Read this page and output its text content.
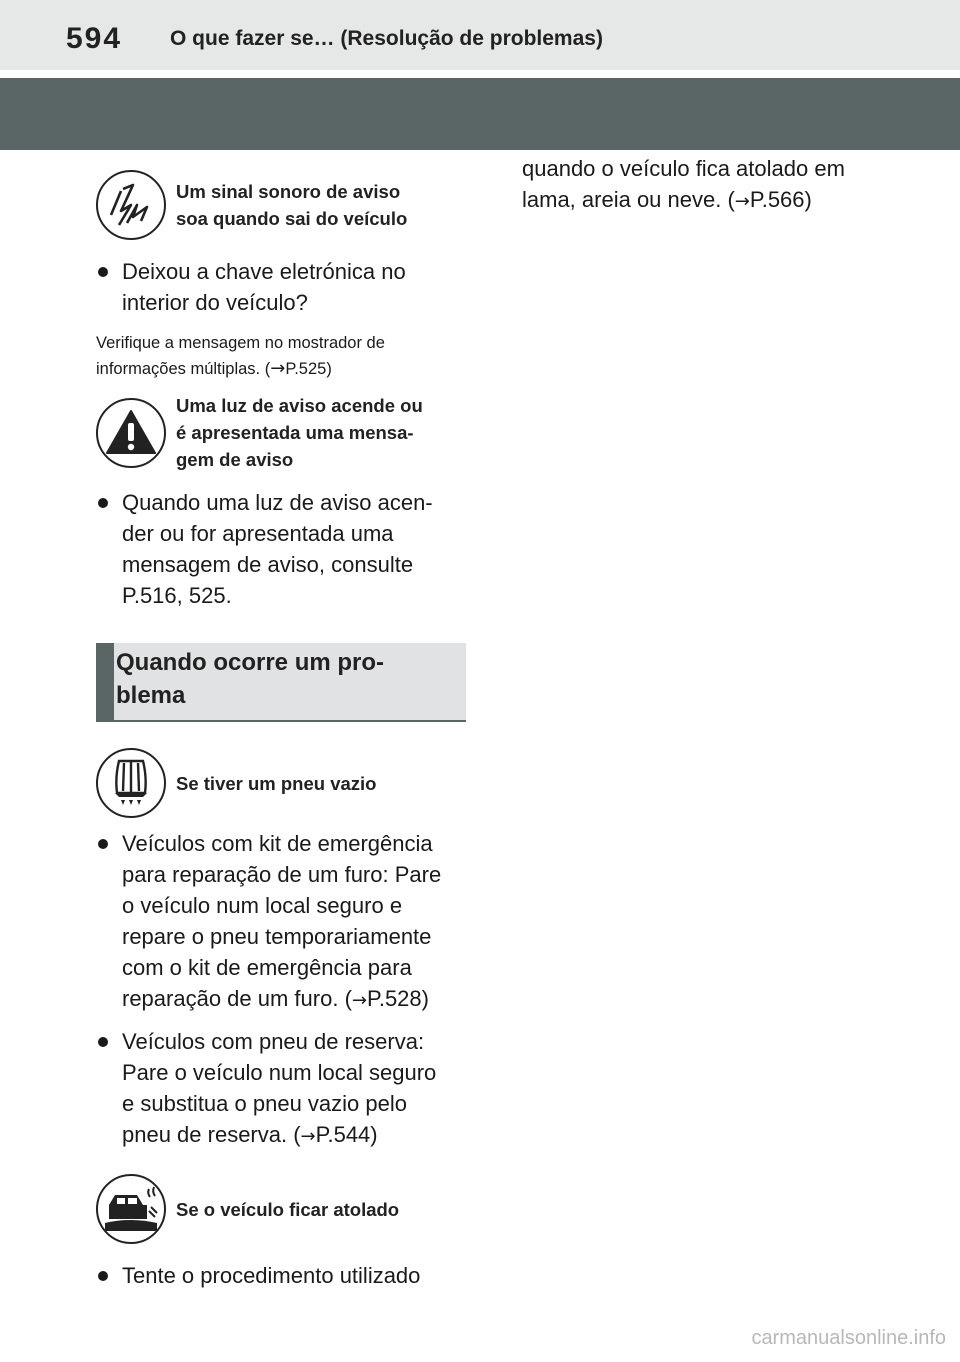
594 O que fazer se… (Resolução de problemas)
Um sinal sonoro de aviso
soa quando sai do veículo
Deixou a chave eletrónica no
interior do veículo?
Verifique a mensagem no mostrador de
informações múltiplas. (→P.525)
Uma luz de aviso acende ou
é apresentada uma mensa-
gem de aviso
Quando uma luz de aviso acen-
der ou for apresentada uma
mensagem de aviso, consulte
P.516, 525.
Quando ocorre um pro-
blema
Se tiver um pneu vazio
Veículos com kit de emergência
para reparação de um furo: Pare
o veículo num local seguro e
repare o pneu temporariamente
com o kit de emergência para
reparação de um furo. (→P.528)
Veículos com pneu de reserva:
Pare o veículo num local seguro
e substitua o pneu vazio pelo
pneu de reserva. (→P.544)
Se o veículo ficar atolado
Tente o procedimento utilizado
quando o veículo fica atolado em
lama, areia ou neve. (→P.566)
carmanualsonline.info
